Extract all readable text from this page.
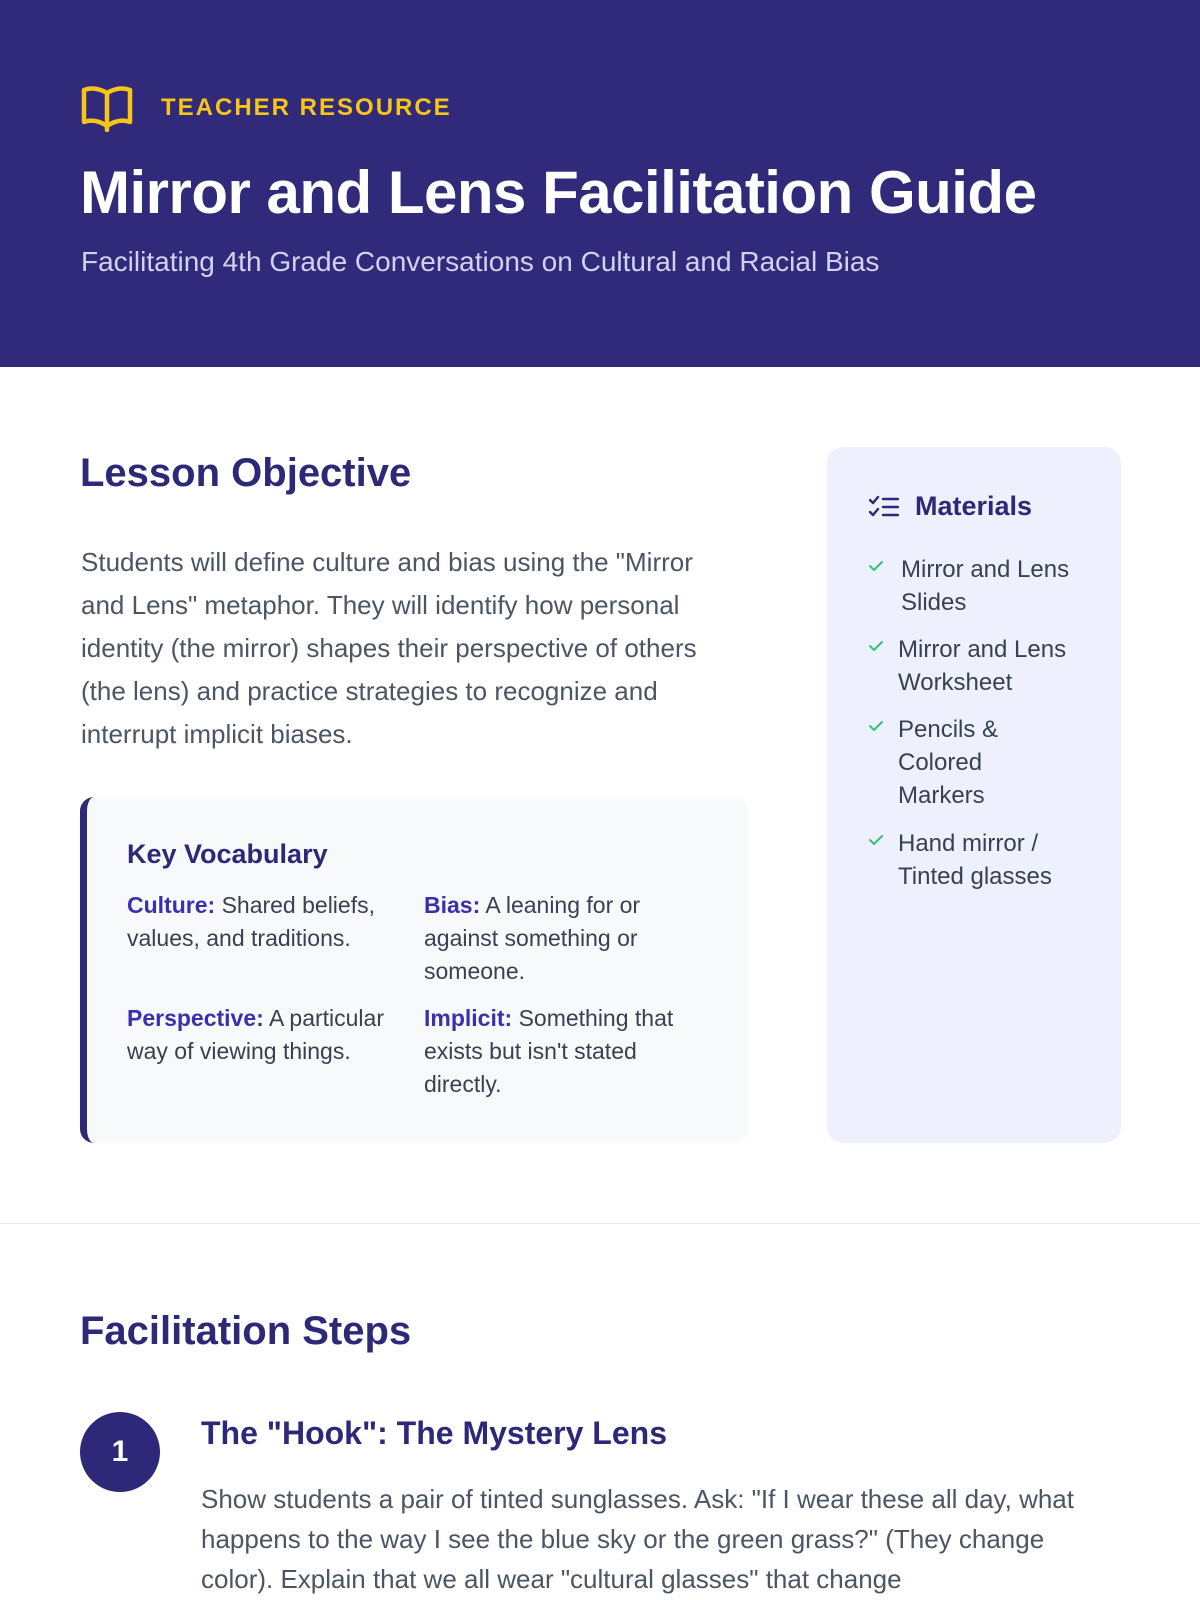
TEACHER RESOURCE
Mirror and Lens Facilitation Guide

Facilitating 4th Grade Conversations on Cultural and Racial Bias

Lesson Objective

Students will define culture and bias using the "Mirror and Lens" metaphor. They will identify how personal identity (the mirror) shapes their perspective of others (the lens) and practice strategies to recognize and interrupt implicit biases.

Key Vocabulary
Culture: Shared beliefs, values, and traditions.
Bias: A leaning for or against something or someone.
Perspective: A particular way of viewing things.
Implicit: Something that exists but isn't stated directly.
Materials
Mirror and Lens Slides
Mirror and Lens Worksheet
Pencils & Colored Markers
Hand mirror / Tinted glasses
Facilitation Steps
1
The "Hook": The Mystery Lens

Show students a pair of tinted sunglasses. Ask: "If I wear these all day, what happens to the way I see the blue sky or the green grass?" (They change color). Explain that we all wear "cultural glasses" that change
